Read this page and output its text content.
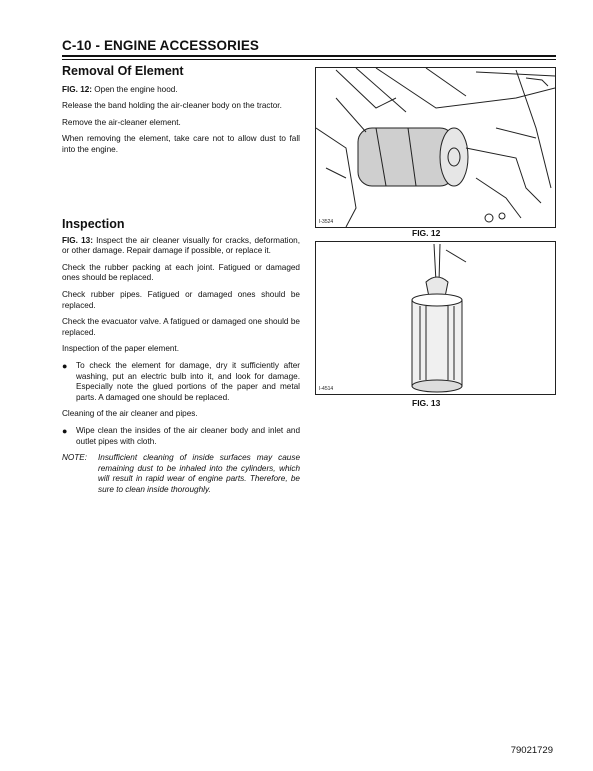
C-10 - ENGINE ACCESSORIES
Removal Of Element

FIG. 12: Open the engine hood.

Release the band holding the air-cleaner body on the tractor.

Remove the air-cleaner element.

When removing the element, take care not to allow dust to fall into the engine.

Inspection

FIG. 13: Inspect the air cleaner visually for cracks, deformation, or other damage. Repair damage if possible, or replace it.

Check the rubber packing at each joint. Fatigued or damaged ones should be replaced.

Check rubber pipes. Fatigued or damaged ones should be replaced.

Check the evacuator valve. A fatigued or damaged one should be replaced.

Inspection of the paper element.

● To check the element for damage, dry it sufficiently after washing, put an electric bulb into it, and look for damage. Especially note the glued portions of the paper and metal parts. A damaged one should be replaced.

Cleaning of the air cleaner and pipes.

● Wipe clean the insides of the air cleaner body and inlet and outlet pipes with cloth.
NOTE: Insufficient cleaning of inside surfaces may cause remaining dust to be inhaled into the cylinders, which will result in rapid wear of engine parts. Therefore, be sure to clean inside thoroughly.
I-3524
FIG. 12
I-4514
FIG. 13
79021729
